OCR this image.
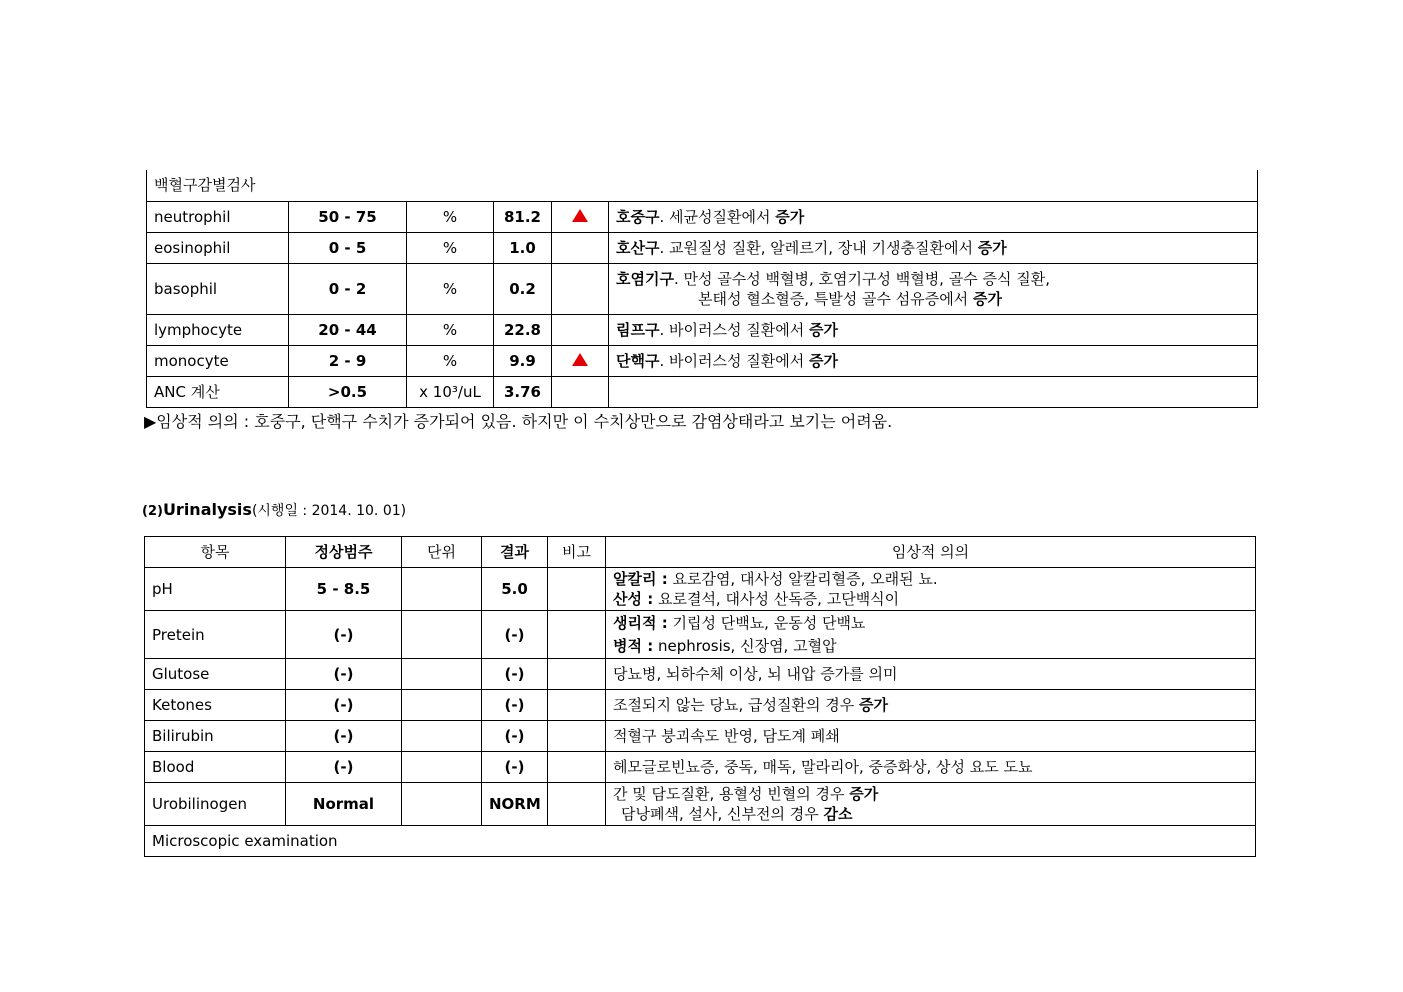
백혈구감별검사					
neutrophil	50 - 75	%	81.2		호중구. 세균성질환에서 증가
eosinophil	0 - 5	%	1.0		호산구. 교원질성 질환, 알레르기, 장내 기생충질환에서 증가
basophil	0 - 2	%	0.2		호염기구. 만성 골수성 백혈병, 호염기구성 백혈병, 골수 증식 질환,
본태성 혈소혈증, 특발성 골수 섬유증에서 증가

lymphocyte	20 - 44	%	22.8		림프구. 바이러스성 질환에서 증가
monocyte	2 - 9	%	9.9		단핵구. 바이러스성 질환에서 증가
ANC 계산	>0.5	x 10³/uL	3.76		
▶임상적 의의 : 호중구, 단핵구 수치가 증가되어 있음. 하지만 이 수치상만으로 감염상태라고 보기는 어려움.
(2)Urinalysis(시행일 : 2014. 10. 01)
항목	정상범주	단위	결과	비고	임상적 의의
pH	5 - 8.5		5.0		알칼리 : 요로감염, 대사성 알칼리혈증, 오래된 뇨.
산성 : 요로결석, 대사성 산독증, 고단백식이
Pretein	(-)		(-)		생리적 : 기립성 단백뇨, 운동성 단백뇨
병적 : nephrosis, 신장염, 고혈압
Glutose	(-)		(-)		당뇨병, 뇌하수체 이상, 뇌 내압 증가를 의미
Ketones	(-)		(-)		조절되지 않는 당뇨, 급성질환의 경우 증가
Bilirubin	(-)		(-)		적혈구 붕괴속도 반영, 담도계 폐쇄
Blood	(-)		(-)		헤모글로빈뇨증, 중독, 매독, 말라리아, 중증화상, 상성 요도 도뇨
Urobilinogen	Normal		NORM		간 및 담도질환, 용혈성 빈혈의 경우 증가
담낭폐색, 설사, 신부전의 경우 감소

Microscopic examination					
